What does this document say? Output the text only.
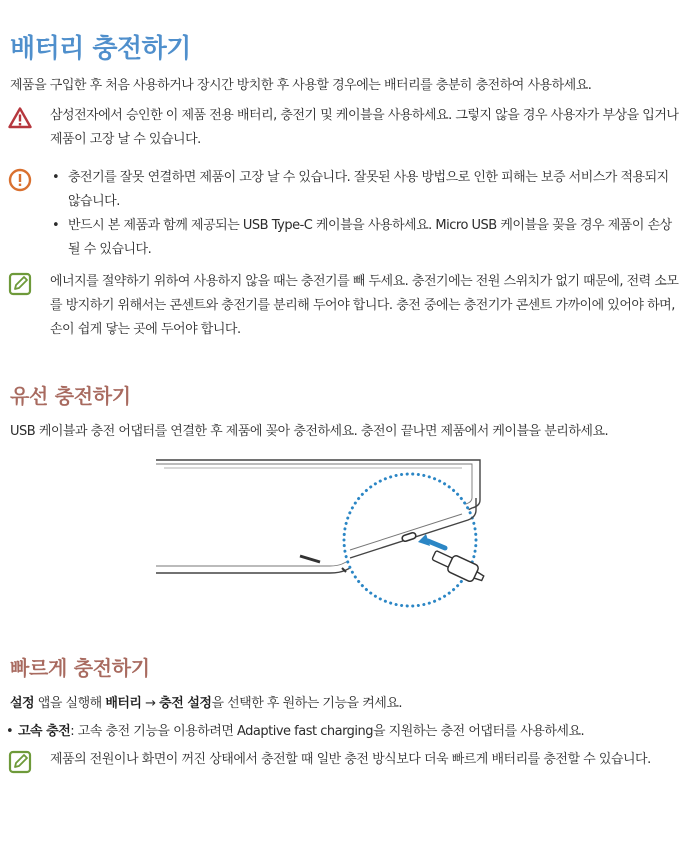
배터리 충전하기

제품을 구입한 후 처음 사용하거나 장시간 방치한 후 사용할 경우에는 배터리를 충분히 충전하여 사용하세요.

삼성전자에서 승인한 이 제품 전용 배터리, 충전기 및 케이블을 사용하세요. 그렇지 않을 경우 사용자가 부상을 입거나 제품이 고장 날 수 있습니다.
• 충전기를 잘못 연결하면 제품이 고장 날 수 있습니다. 잘못된 사용 방법으로 인한 피해는 보증 서비스가 적용되지 않습니다.
• 반드시 본 제품과 함께 제공되는 USB Type-C 케이블을 사용하세요. Micro USB 케이블을 꽂을 경우 제품이 손상될 수 있습니다.
에너지를 절약하기 위하여 사용하지 않을 때는 충전기를 빼 두세요. 충전기에는 전원 스위치가 없기 때문에, 전력 소모를 방지하기 위해서는 콘센트와 충전기를 분리해 두어야 합니다. 충전 중에는 충전기가 콘센트 가까이에 있어야 하며, 손이 쉽게 닿는 곳에 두어야 합니다.
유선 충전하기

USB 케이블과 충전 어댑터를 연결한 후 제품에 꽂아 충전하세요. 충전이 끝나면 제품에서 케이블을 분리하세요.

빠르게 충전하기

설정 앱을 실행해 배터리 → 충전 설정을 선택한 후 원하는 기능을 켜세요.

• 고속 충전: 고속 충전 기능을 이용하려면 Adaptive fast charging을 지원하는 충전 어댑터를 사용하세요.
제품의 전원이나 화면이 꺼진 상태에서 충전할 때 일반 충전 방식보다 더욱 빠르게 배터리를 충전할 수 있습니다.
